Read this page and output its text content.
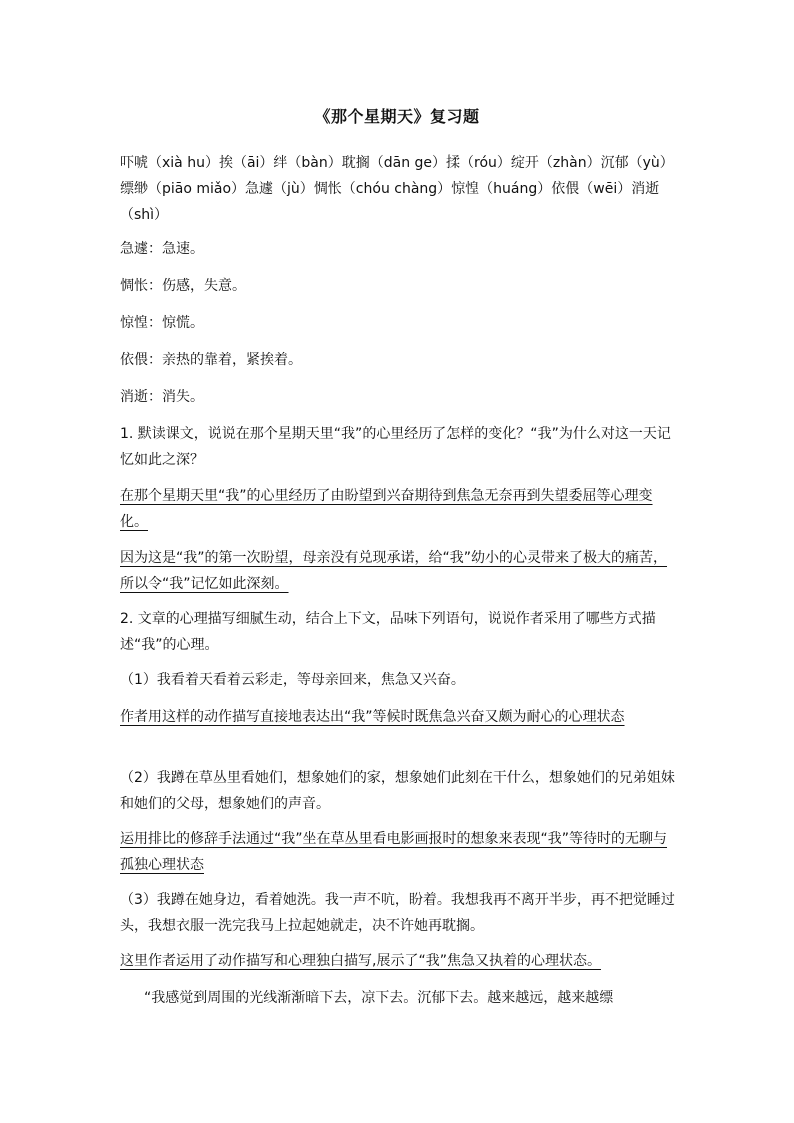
《那个星期天》复习题
吓唬（xià hu）挨（āi）绊（bàn）耽搁（dān ge）揉（róu）绽开（zhàn）沉郁（yù）缥缈（piāo miǎo）急遽（jù）惆怅（chóu chàng）惊惶（huáng）依偎（wēi）消逝（shì）
急遽：急速。
惆怅：伤感，失意。
惊惶：惊慌。
依偎：亲热的靠着，紧挨着。
消逝：消失。
1. 默读课文，说说在那个星期天里“我”的心里经历了怎样的变化？“我”为什么对这一天记忆如此之深？
在那个星期天里“我”的心里经历了由盼望到兴奋期待到焦急无奈再到失望委屈等心理变化。
因为这是“我”的第一次盼望，母亲没有兑现承诺，给“我”幼小的心灵带来了极大的痛苦，所以令“我”记忆如此深刻。
2. 文章的心理描写细腻生动，结合上下文，品味下列语句，说说作者采用了哪些方式描述“我”的心理。
（1）我看着天看着云彩走，等母亲回来，焦急又兴奋。
作者用这样的动作描写直接地表达出“我”等候时既焦急兴奋又颇为耐心的心理状态
（2）我蹲在草丛里看她们，想象她们的家，想象她们此刻在干什么，想象她们的兄弟姐妹和她们的父母，想象她们的声音。
运用排比的修辞手法通过“我”坐在草丛里看电影画报时的想象来表现“我”等待时的无聊与孤独心理状态
（3）我蹲在她身边，看着她洗。我一声不吭，盼着。我想我再不离开半步，再不把觉睡过头，我想衣服一洗完我马上拉起她就走，决不许她再耽搁。
这里作者运用了动作描写和心理独白描写,展示了“我”焦急又执着的心理状态。
“我感觉到周围的光线渐渐暗下去，凉下去。沉郁下去。越来越远，越来越缥
